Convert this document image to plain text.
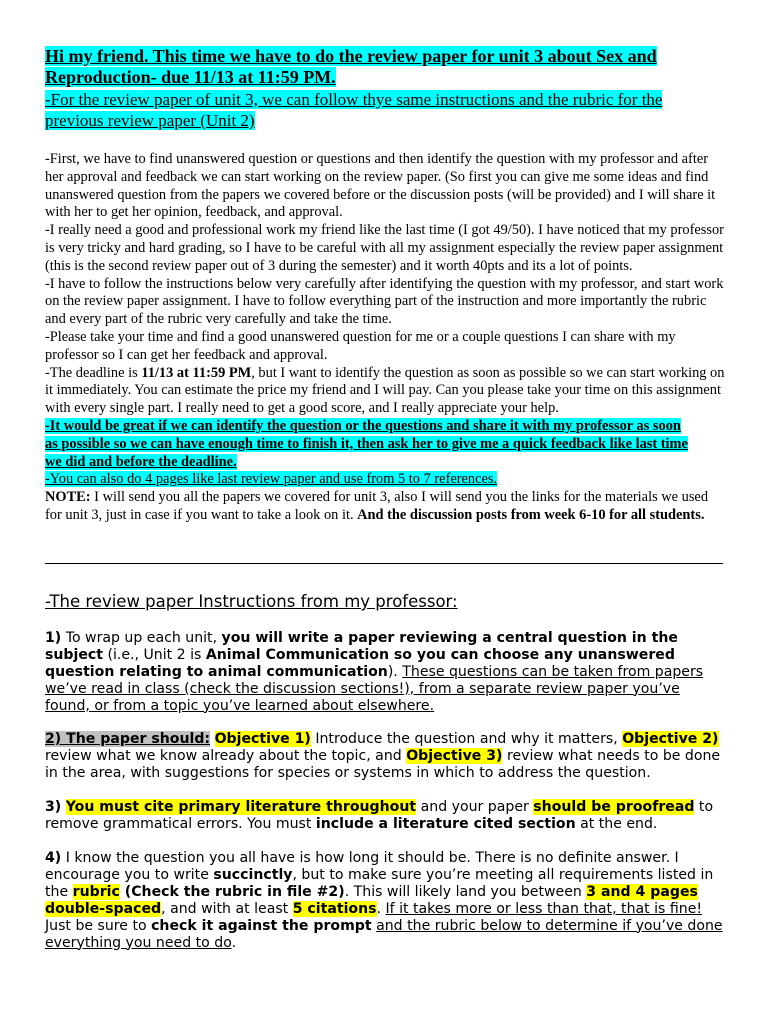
Hi my friend. This time we have to do the review paper for unit 3 about Sex and

Reproduction- due 11/13 at 11:59 PM.

-For the review paper of unit 3, we can follow thye same instructions and the rubric for the

previous review paper (Unit 2)

-First, we have to find unanswered question or questions and then identify the question with my professor and after her approval and feedback we can start working on the review paper. (So first you can give me some ideas and find unanswered question from the papers we covered before or the discussion posts (will be provided) and I will share it with her to get her opinion, feedback, and approval.

-I really need a good and professional work my friend like the last time (I got 49/50). I have noticed that my professor is very tricky and hard grading, so I have to be careful with all my assignment especially the review paper assignment (this is the second review paper out of 3 during the semester) and it worth 40pts and its a lot of points.

-I have to follow the instructions below very carefully after identifying the question with my professor, and start work on the review paper assignment. I have to follow everything part of the instruction and more importantly the rubric and every part of the rubric very carefully and take the time.

-Please take your time and find a good unanswered question for me or a couple questions I can share with my professor so I can get her feedback and approval.

-The deadline is 11/13 at 11:59 PM, but I want to identify the question as soon as possible so we can start working on it immediately. You can estimate the price my friend and I will pay. Can you please take your time on this assignment with every single part. I really need to get a good score, and I really appreciate your help.

-It would be great if we can identify the question or the questions and share it with my professor as soon
as possible so we can have enough time to finish it, then ask her to give me a quick feedback like last time
we did and before the deadline.

-You can also do 4 pages like last review paper and use from 5 to 7 references.

NOTE: I will send you all the papers we covered for unit 3, also I will send you the links for the materials we used for unit 3, just in case if you want to take a look on it. And the discussion posts from week 6-10 for all students.

-The review paper Instructions from my professor:

1) To wrap up each unit, you will write a paper reviewing a central question in the subject (i.e., Unit 2 is Animal Communication so you can choose any unanswered question relating to animal communication). These questions can be taken from papers we’ve read in class (check the discussion sections!), from a separate review paper you’ve found, or from a topic you’ve learned about elsewhere.

2) The paper should: Objective 1) Introduce the question and why it matters, Objective 2) review what we know already about the topic, and Objective 3) review what needs to be done in the area, with suggestions for species or systems in which to address the question.

3) You must cite primary literature throughout and your paper should be proofread to remove grammatical errors. You must include a literature cited section at the end.

4) I know the question you all have is how long it should be. There is no definite answer. I encourage you to write succinctly, but to make sure you’re meeting all requirements listed in the rubric (Check the rubric in file #2). This will likely land you between 3 and 4 pages double-spaced, and with at least 5 citations. If it takes more or less than that, that is fine! Just be sure to check it against the prompt and the rubric below to determine if you’ve done everything you need to do.
